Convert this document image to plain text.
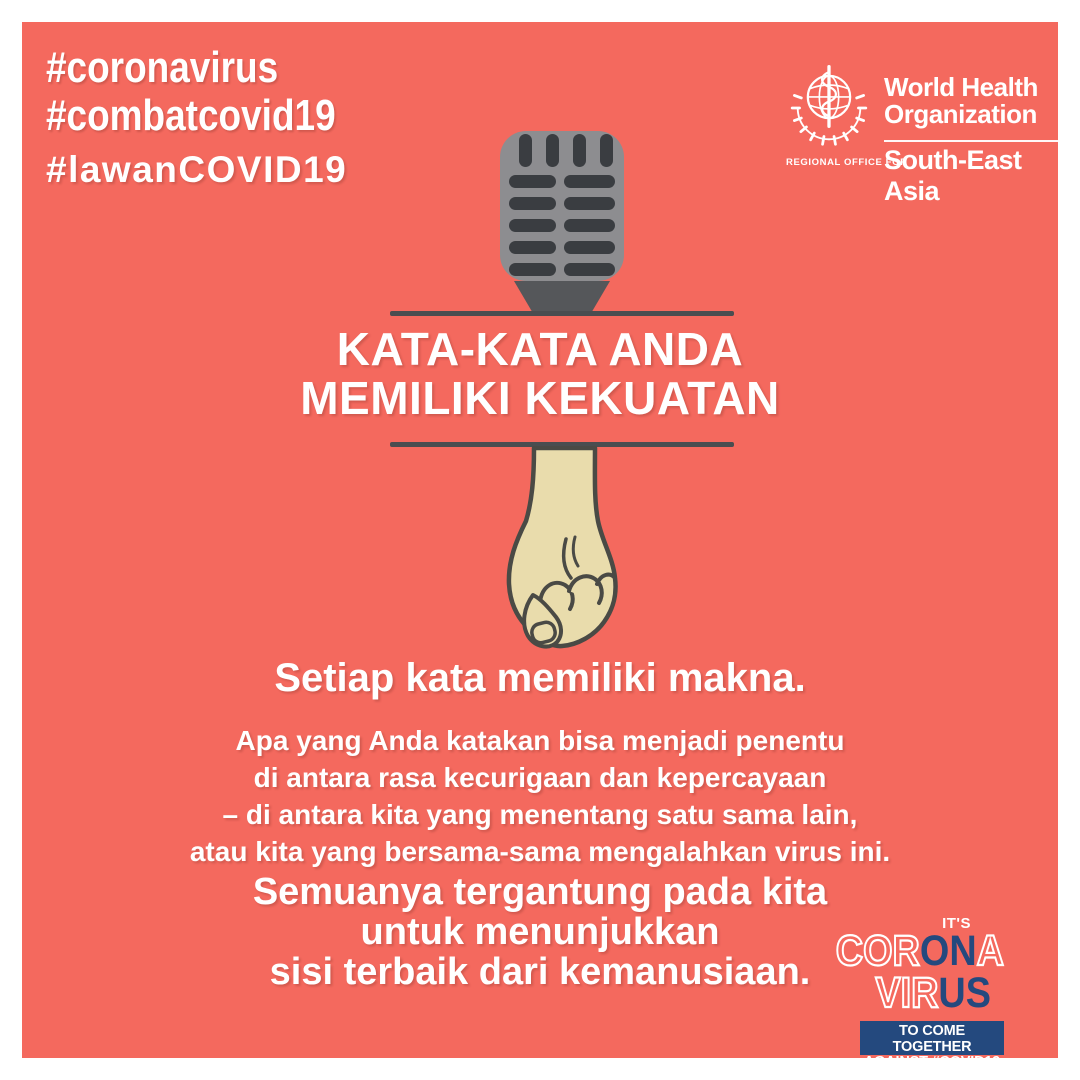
#coronavirus
#combatcovid19
#lawanCOVID19
World Health
Organization
REGIONAL OFFICE FOR
South-East Asia
KATA-KATA ANDA
MEMILIKI KEKUATAN
Setiap kata memiliki makna.
Apa yang Anda katakan bisa menjadi penentu
di antara rasa kecurigaan dan kepercayaan
– di antara kita yang menentang satu sama lain,
atau kita yang bersama-sama mengalahkan virus ini.
Semuanya tergantung pada kita
untuk menunjukkan
sisi terbaik dari kemanusiaan.
IT'S
CORONA
VIRUS
TO COME TOGETHER
AGAINST #COVID19
